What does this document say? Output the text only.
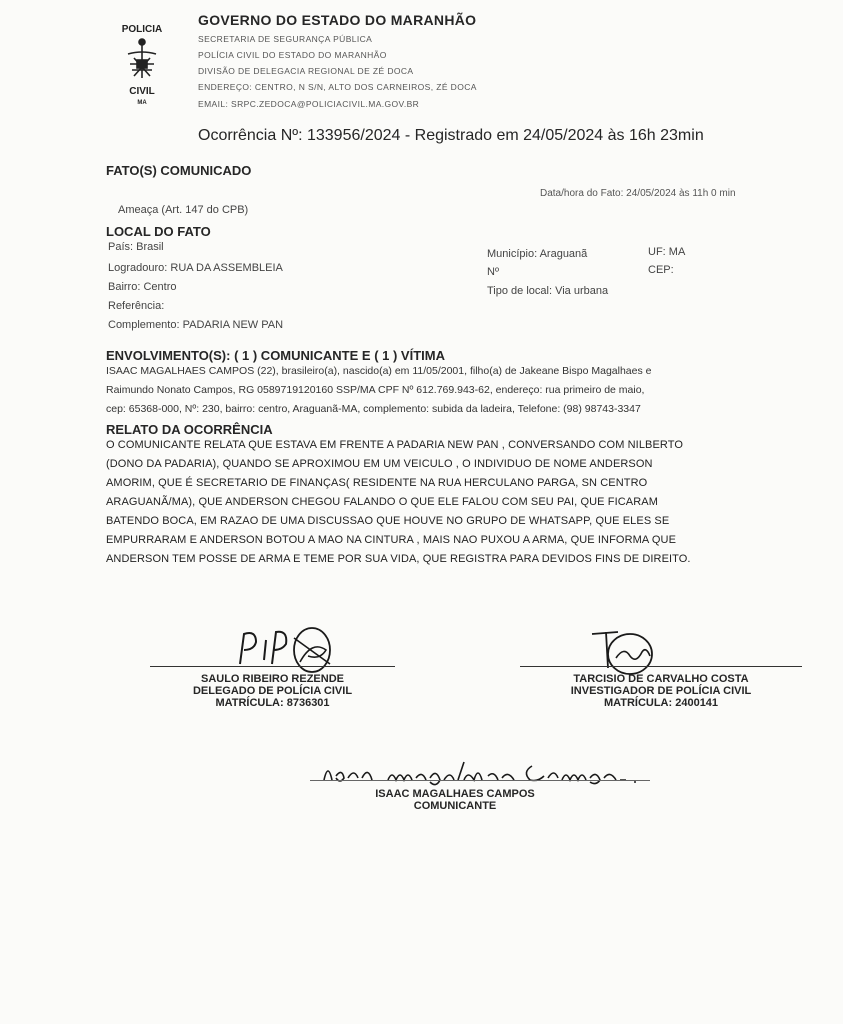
POLICIA
CIVIL
MA
GOVERNO DO ESTADO DO MARANHÃO
SECRETARIA DE SEGURANÇA PÚBLICA
POLÍCIA CIVIL DO ESTADO DO MARANHÃO
DIVISÃO DE DELEGACIA REGIONAL DE ZÉ DOCA
ENDEREÇO: CENTRO, N S/N, ALTO DOS CARNEIROS, ZÉ DOCA
EMAIL: SRPC.ZEDOCA@POLICIACIVIL.MA.GOV.BR
Ocorrência Nº: 133956/2024 - Registrado em 24/05/2024 às 16h 23min
FATO(S) COMUNICADO
Data/hora do Fato: 24/05/2024 às 11h 0 min
Ameaça (Art. 147 do CPB)
LOCAL DO FATO
País: Brasil
Logradouro: RUA DA ASSEMBLEIA
Bairro: Centro
Referência:
Complemento: PADARIA NEW PAN
Município: Araguanã	UF: MA
Nº	CEP:
Tipo de local: Via urbana
ENVOLVIMENTO(S): ( 1 ) COMUNICANTE E ( 1 ) VÍTIMA
ISAAC MAGALHAES CAMPOS (22), brasileiro(a), nascido(a) em 11/05/2001, filho(a) de Jakeane Bispo Magalhaes e
Raimundo Nonato Campos, RG 0589719120160 SSP/MA CPF Nº 612.769.943-62, endereço: rua primeiro de maio,
cep: 65368-000, Nº: 230, bairro: centro, Araguanã-MA, complemento: subida da ladeira, Telefone: (98) 98743-3347
RELATO DA OCORRÊNCIA
O COMUNICANTE RELATA QUE ESTAVA EM FRENTE A PADARIA NEW PAN , CONVERSANDO COM NILBERTO
(DONO DA PADARIA), QUANDO SE APROXIMOU EM UM VEICULO , O INDIVIDUO DE NOME ANDERSON
AMORIM, QUE É SECRETARIO DE FINANÇAS( RESIDENTE NA RUA HERCULANO PARGA, SN CENTRO
ARAGUANÃ/MA), QUE ANDERSON CHEGOU FALANDO O QUE ELE FALOU COM SEU PAI, QUE FICARAM
BATENDO BOCA, EM RAZAO DE UMA DISCUSSAO QUE HOUVE NO GRUPO DE WHATSAPP, QUE ELES SE
EMPURRARAM E ANDERSON BOTOU A MAO NA CINTURA , MAIS NAO PUXOU A ARMA, QUE INFORMA QUE
ANDERSON TEM POSSE DE ARMA E TEME POR SUA VIDA, QUE REGISTRA PARA DEVIDOS FINS DE DIREITO.
SAULO RIBEIRO REZENDE
DELEGADO DE POLÍCIA CIVIL
MATRÍCULA: 8736301
TARCISIO DE CARVALHO COSTA
INVESTIGADOR DE POLÍCIA CIVIL
MATRÍCULA: 2400141
ISAAC MAGALHAES CAMPOS
COMUNICANTE
